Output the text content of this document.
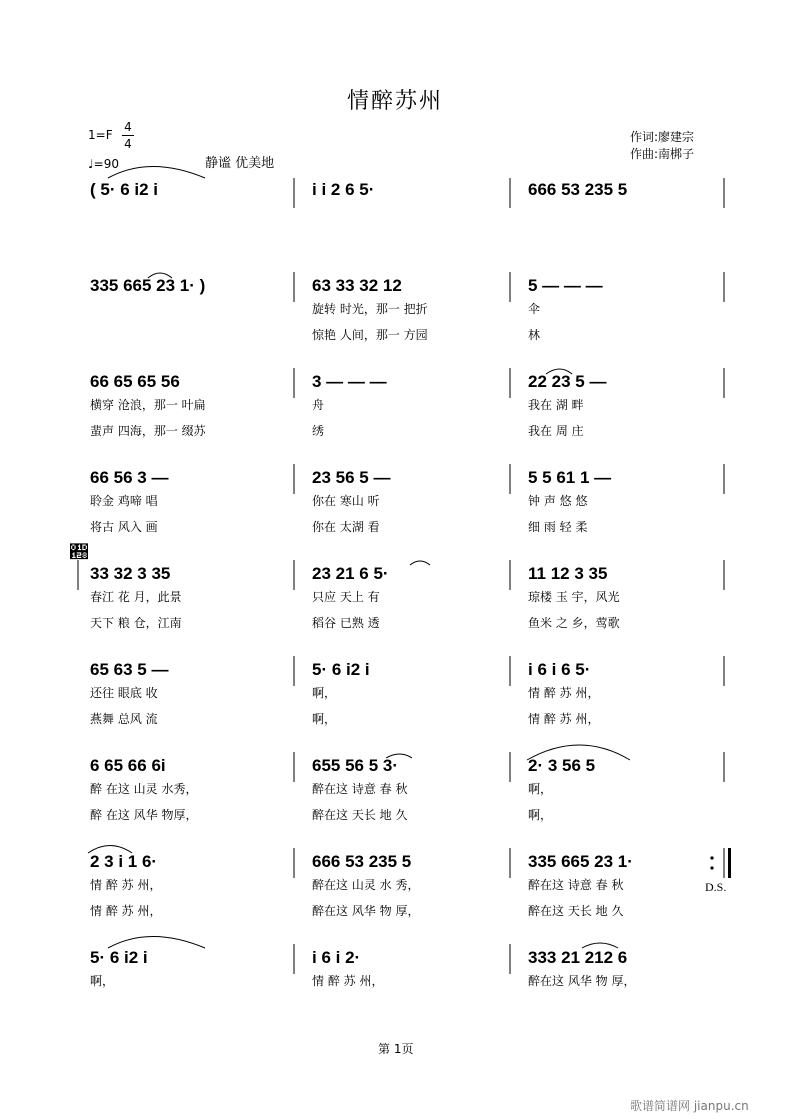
情醉苏州
1=F
4
4
♩=90	静谧 优美地
作词:廖建宗
作曲:南梆子
𝄨
( 5· 6 i2 i	i i 2 6 5·	666 53 235 5
335 665 23 1· )	63 33 32 12
旋转 时光，那一 把折
惊艳 人间，那一 方园
5 — — —
伞
林
66 65 65 56
横穿 沧浪，那一 叶扁
蜚声 四海，那一 缀苏
3 — — —
舟
绣
22 23 5 —
我在 湖 畔
我在 周 庄
66 56 3 —
聆金 鸡啼 唱
将古 风入 画
23 56 5 —
你在 寒山 听
你在 太湖 看
5 5 61 1 —
钟 声 悠 悠
细 雨 轻 柔
33 32 3 35
春江 花 月，此景
天下 粮 仓，江南
23 21 6 5·
只应 天上 有
稻谷 已熟 透
11 12 3 35
琼楼 玉 宇，风光
鱼米 之 乡，莺歌
65 63 5 —
还往 眼底 收
燕舞 总风 流
5· 6 i2 i
啊，
啊，
i 6 i 6 5·
情 醉 苏 州，
情 醉 苏 州，
6 65 66 6i
醉 在这 山灵 水秀，
醉 在这 风华 物厚，
655 56 5 3·
醉在这 诗意 春 秋
醉在这 天长 地 久
2· 3 56 5
啊，
啊，
2 3 i 1 6·
情 醉 苏 州，
情 醉 苏 州，
666 53 235 5
醉在这 山灵 水 秀，
醉在这 风华 物 厚，
335 665 23 1·
醉在这 诗意 春 秋
醉在这 天长 地 久
5· 6 i2 i
啊，
i 6 i 2·
情 醉 苏 州，
333 21 212 6
醉在这 风华 物 厚，
D.S.
第 1页
歌谱简谱网 jianpu.cn
